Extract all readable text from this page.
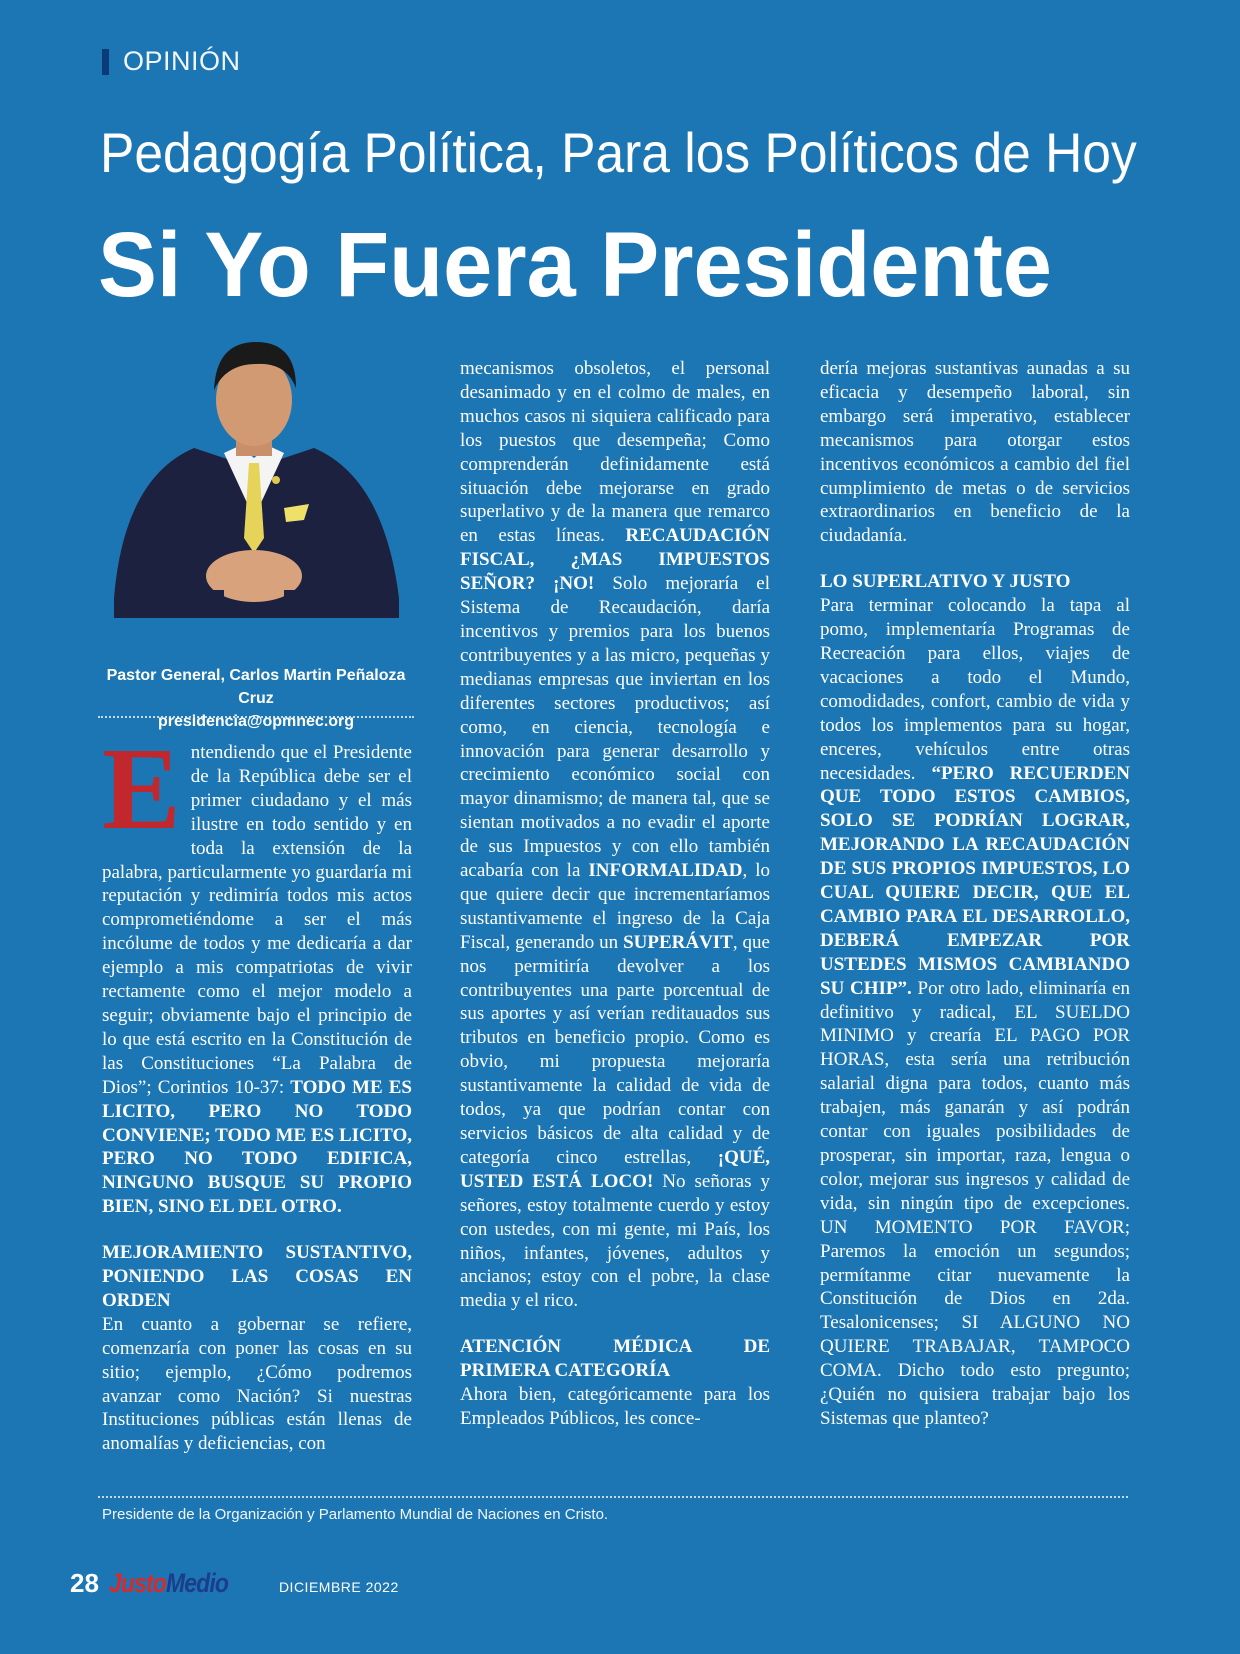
OPINIÓN
Pedagogía Política, Para los Políticos de Hoy
Si Yo Fuera Presidente
Pastor General, Carlos Martin Peñaloza Cruz
presidencia@opmnec.org

Entendiendo que el Presidente de la República debe ser el primer ciudadano y el más ilustre en todo sentido y en toda la extensión de la palabra, particularmente yo guardaría mi reputación y redimiría todos mis actos comprometiéndome a ser el más incólume de todos y me dedicaría a dar ejemplo a mis compatriotas de vivir rectamente como el mejor modelo a seguir; obviamente bajo el principio de lo que está escrito en la Constitución de las Constituciones “La Palabra de Dios”; Corintios 10-37: TODO ME ES LICITO, PERO NO TODO CONVIENE; TODO ME ES LICITO, PERO NO TODO EDIFICA, NINGUNO BUSQUE SU PROPIO BIEN, SINO EL DEL OTRO.

MEJORAMIENTO SUSTANTIVO, PONIENDO LAS COSAS EN ORDEN

En cuanto a gobernar se refiere, comenzaría con poner las cosas en su sitio; ejemplo, ¿Cómo podremos avanzar como Nación? Si nuestras Instituciones públicas están llenas de anomalías y deficiencias, con

mecanismos obsoletos, el personal desanimado y en el colmo de males, en muchos casos ni siquiera calificado para los puestos que desempeña; Como comprenderán definidamente está situación debe mejorarse en grado superlativo y de la manera que remarco en estas líneas. RECAUDACIÓN FISCAL, ¿MAS IMPUESTOS SEÑOR? ¡NO! Solo mejoraría el Sistema de Recaudación, daría incentivos y premios para los buenos contribuyentes y a las micro, pequeñas y medianas empresas que inviertan en los diferentes sectores productivos; así como, en ciencia, tecnología e innovación para generar desarrollo y crecimiento económico social con mayor dinamismo; de manera tal, que se sientan motivados a no evadir el aporte de sus Impuestos y con ello también acabaría con la INFORMALIDAD, lo que quiere decir que incrementaríamos sustantivamente el ingreso de la Caja Fiscal, generando un SUPERÁVIT, que nos permitiría devolver a los contribuyentes una parte porcentual de sus aportes y así verían reditauados sus tributos en beneficio propio. Como es obvio, mi propuesta mejoraría sustantivamente la calidad de vida de todos, ya que podrían contar con servicios básicos de alta calidad y de categoría cinco estrellas, ¡QUÉ, USTED ESTÁ LOCO! No señoras y señores, estoy totalmente cuerdo y estoy con ustedes, con mi gente, mi País, los niños, infantes, jóvenes, adultos y ancianos; estoy con el pobre, la clase media y el rico.

ATENCIÓN MÉDICA DE PRIMERA CATEGORÍA

Ahora bien, categóricamente para los Empleados Públicos, les conce-

dería mejoras sustantivas aunadas a su eficacia y desempeño laboral, sin embargo será imperativo, establecer mecanismos para otorgar estos incentivos económicos a cambio del fiel cumplimiento de metas o de servicios extraordinarios en beneficio de la ciudadanía.

LO SUPERLATIVO Y JUSTO

Para terminar colocando la tapa al pomo, implementaría Programas de Recreación para ellos, viajes de vacaciones a todo el Mundo, comodidades, confort, cambio de vida y todos los implementos para su hogar, enceres, vehículos entre otras necesidades. “PERO RECUERDEN QUE TODO ESTOS CAMBIOS, SOLO SE PODRÍAN LOGRAR, MEJORANDO LA RECAUDACIÓN DE SUS PROPIOS IMPUESTOS, LO CUAL QUIERE DECIR, QUE EL CAMBIO PARA EL DESARROLLO, DEBERÁ EMPEZAR POR USTEDES MISMOS CAMBIANDO SU CHIP”. Por otro lado, eliminaría en definitivo y radical, EL SUELDO MINIMO y crearía EL PAGO POR HORAS, esta sería una retribución salarial digna para todos, cuanto más trabajen, más ganarán y así podrán contar con iguales posibilidades de prosperar, sin importar, raza, lengua o color, mejorar sus ingresos y calidad de vida, sin ningún tipo de excepciones. UN MOMENTO POR FAVOR; Paremos la emoción un segundos; permítanme citar nuevamente la Constitución de Dios en 2da. Tesalonicenses; SI ALGUNO NO QUIERE TRABAJAR, TAMPOCO COMA. Dicho todo esto pregunto; ¿Quién no quisiera trabajar bajo los Sistemas que planteo?

Presidente de la Organización y Parlamento Mundial de Naciones en Cristo.
28 JustoMedio	DICIEMBRE 2022
